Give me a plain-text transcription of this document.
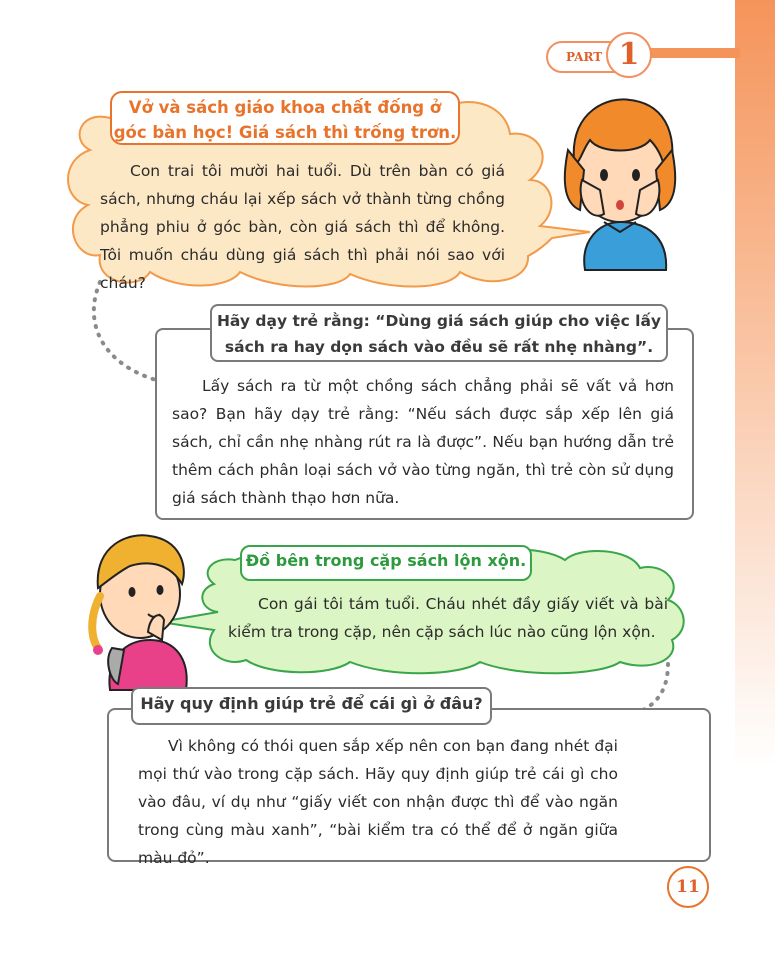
PART 1
Vở và sách giáo khoa chất đống ở góc bàn học! Giá sách thì trống trơn.

Con trai tôi mười hai tuổi. Dù trên bàn có giá sách, nhưng cháu lại xếp sách vở thành từng chồng phẳng phiu ở góc bàn, còn giá sách thì để không. Tôi muốn cháu dùng giá sách thì phải nói sao với cháu?

Hãy dạy trẻ rằng: “Dùng giá sách giúp cho việc lấy sách ra hay dọn sách vào đều sẽ rất nhẹ nhàng”.

Lấy sách ra từ một chồng sách chẳng phải sẽ vất vả hơn sao? Bạn hãy dạy trẻ rằng: “Nếu sách được sắp xếp lên giá sách, chỉ cần nhẹ nhàng rút ra là được”. Nếu bạn hướng dẫn trẻ thêm cách phân loại sách vở vào từng ngăn, thì trẻ còn sử dụng giá sách thành thạo hơn nữa.

Đồ bên trong cặp sách lộn xộn.

Con gái tôi tám tuổi. Cháu nhét đầy giấy viết và bài kiểm tra trong cặp, nên cặp sách lúc nào cũng lộn xộn.

Hãy quy định giúp trẻ để cái gì ở đâu?

Vì không có thói quen sắp xếp nên con bạn đang nhét đại mọi thứ vào trong cặp sách. Hãy quy định giúp trẻ cái gì cho vào đâu, ví dụ như “giấy viết con nhận được thì để vào ngăn trong cùng màu xanh”, “bài kiểm tra có thể để ở ngăn giữa màu đỏ”.

11
